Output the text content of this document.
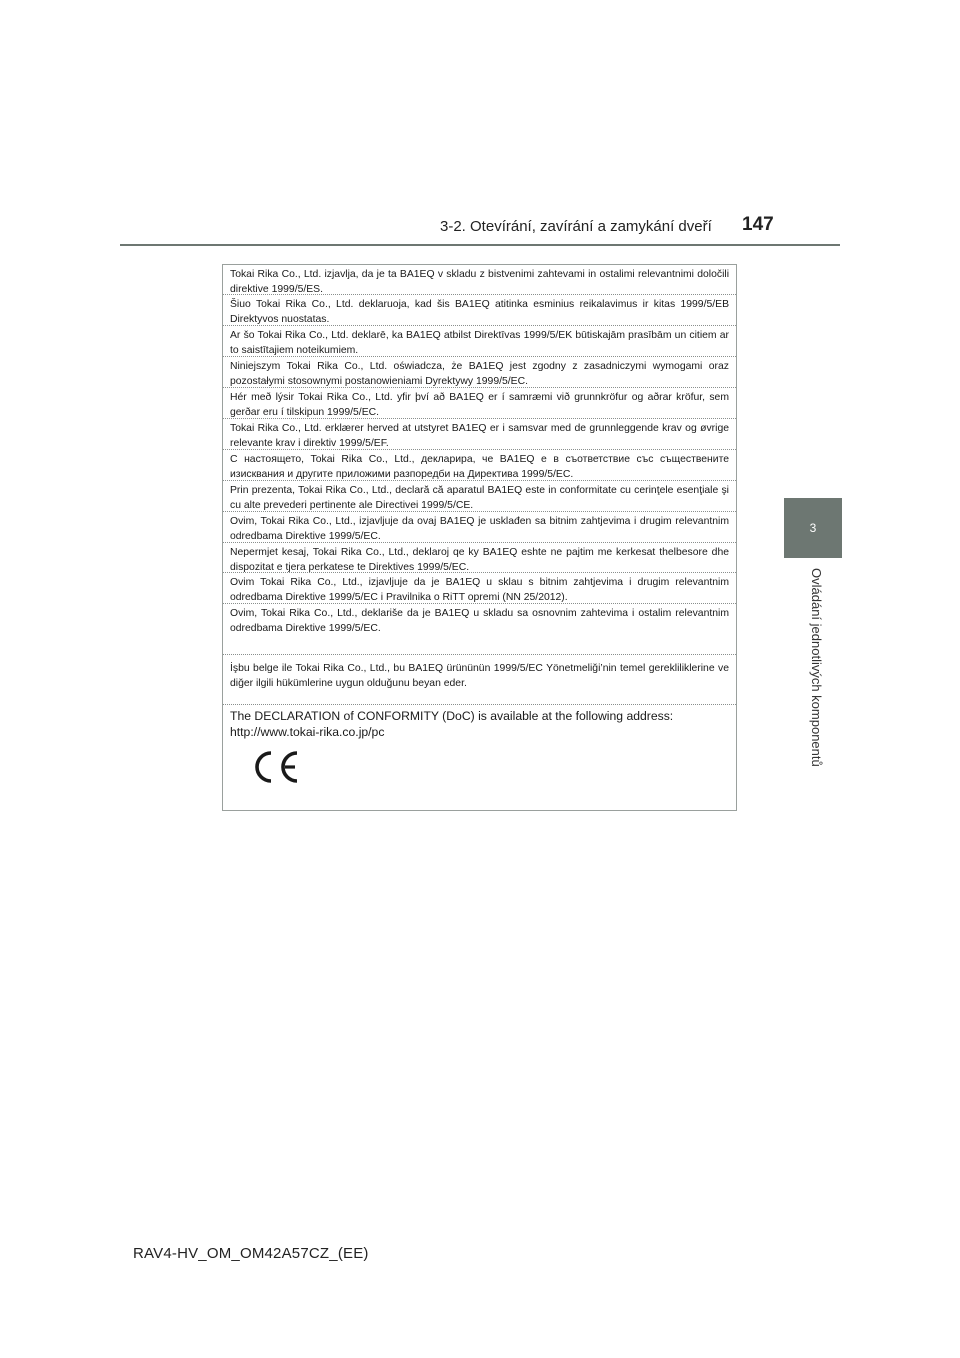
3-2. Otevírání, zavírání a zamykání dveří 147
3
Ovládání jednotlivých komponentů
Tokai Rika Co., Ltd. izjavlja, da je ta BA1EQ v skladu z bistvenimi zahtevami in ostalimi relevantnimi določili direktive 1999/5/ES.
Šiuo Tokai Rika Co., Ltd. deklaruoja, kad šis BA1EQ atitinka esminius reikalavimus ir kitas 1999/5/EB Direktyvos nuostatas.
Ar šo Tokai Rika Co., Ltd. deklarē, ka BA1EQ atbilst Direktīvas 1999/5/EK būtiskajām prasībām un citiem ar to saistītajiem noteikumiem.
Niniejszym Tokai Rika Co., Ltd. oświadcza, że BA1EQ jest zgodny z zasadniczymi wymogami oraz pozostałymi stosownymi postanowieniami Dyrektywy 1999/5/EC.
Hér með lýsir Tokai Rika Co., Ltd. yfir því að BA1EQ er í samræmi við grunnkröfur og aðrar kröfur, sem gerðar eru í tilskipun 1999/5/EC.
Tokai Rika Co., Ltd. erklærer herved at utstyret BA1EQ er i samsvar med de grunnleggende krav og øvrige relevante krav i direktiv 1999/5/EF.
С настоящето, Tokai Rika Co., Ltd., декларира, че BA1EQ е в съответствие със съществените изисквания и другите приложими разпоредби на Директива 1999/5/EC.
Prin prezenta, Tokai Rika Co., Ltd., declară că aparatul BA1EQ este in conformitate cu cerinţele esenţiale şi cu alte prevederi pertinente ale Directivei 1999/5/CE.
Ovim, Tokai Rika Co., Ltd., izjavljuje da ovaj BA1EQ je usklađen sa bitnim zahtjevima i drugim relevantnim odredbama Direktive 1999/5/EC.
Nepermjet kesaj, Tokai Rika Co., Ltd., deklaroj qe ky BA1EQ eshte ne pajtim me kerkesat thelbesore dhe dispozitat e tjera perkatese te Direktives 1999/5/EC.
Ovim Tokai Rika Co., Ltd., izjavljuje da je BA1EQ u sklau s bitnim zahtjevima i drugim relevantnim odredbama Direktive 1999/5/EC i Pravilnika o RiTT opremi (NN 25/2012).
Ovim, Tokai Rika Co., Ltd., deklariše da je BA1EQ u skladu sa osnovnim zahtevima i ostalim relevantnim odredbama Direktive 1999/5/EC.
İşbu belge ile Tokai Rika Co., Ltd., bu BA1EQ ürününün 1999/5/EC Yönetmeliği’nin temel gerekliliklerine ve diğer ilgili hükümlerine uygun olduğunu beyan eder.
The DECLARATION of CONFORMITY (DoC) is available at the following address:
http://www.tokai-rika.co.jp/pc
RAV4-HV_OM_OM42A57CZ_(EE)
